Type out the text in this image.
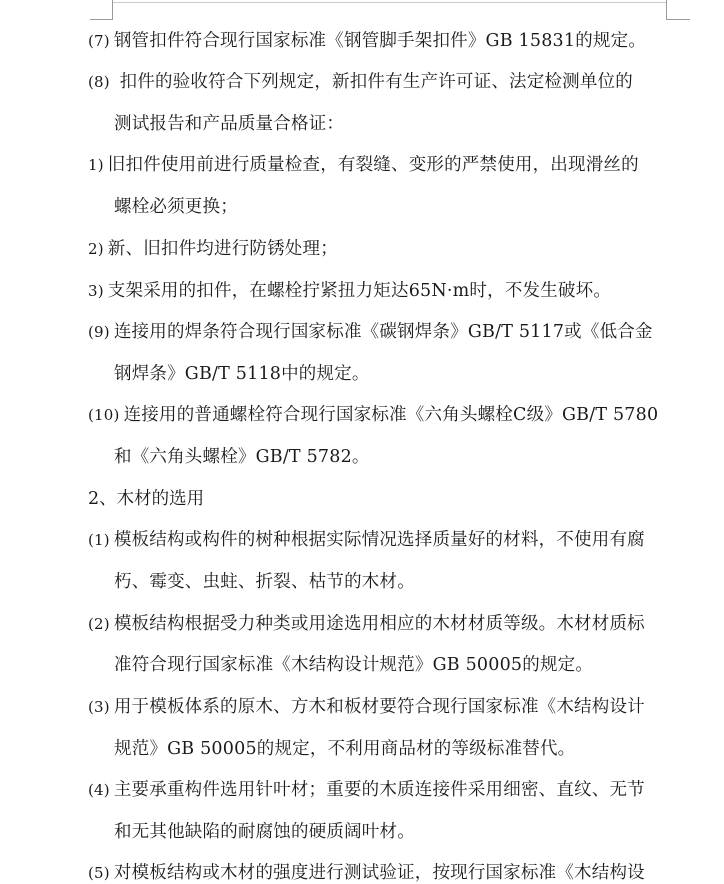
(7) 钢管扣件符合现行国家标准《钢管脚手架扣件》GB 15831的规定。
(8) 扣件的验收符合下列规定，新扣件有生产许可证、法定检测单位的
测试报告和产品质量合格证：
1) 旧扣件使用前进行质量检查，有裂缝、变形的严禁使用，出现滑丝的
螺栓必须更换；
2) 新、旧扣件均进行防锈处理；
3) 支架采用的扣件，在螺栓拧紧扭力矩达65N·m时，不发生破坏。
(9) 连接用的焊条符合现行国家标准《碳钢焊条》GB/T 5117或《低合金
钢焊条》GB/T 5118中的规定。
(10) 连接用的普通螺栓符合现行国家标准《六角头螺栓C级》GB/T 5780
和《六角头螺栓》GB/T 5782。
2、木材的选用
(1) 模板结构或构件的树种根据实际情况选择质量好的材料，不使用有腐
朽、霉变、虫蛀、折裂、枯节的木材。
(2) 模板结构根据受力种类或用途选用相应的木材材质等级。木材材质标
准符合现行国家标准《木结构设计规范》GB 50005的规定。
(3) 用于模板体系的原木、方木和板材要符合现行国家标准《木结构设计
规范》GB 50005的规定，不利用商品材的等级标准替代。
(4) 主要承重构件选用针叶材；重要的木质连接件采用细密、直纹、无节
和无其他缺陷的耐腐蚀的硬质阔叶材。
(5) 对模板结构或木材的强度进行测试验证，按现行国家标准《木结构设
